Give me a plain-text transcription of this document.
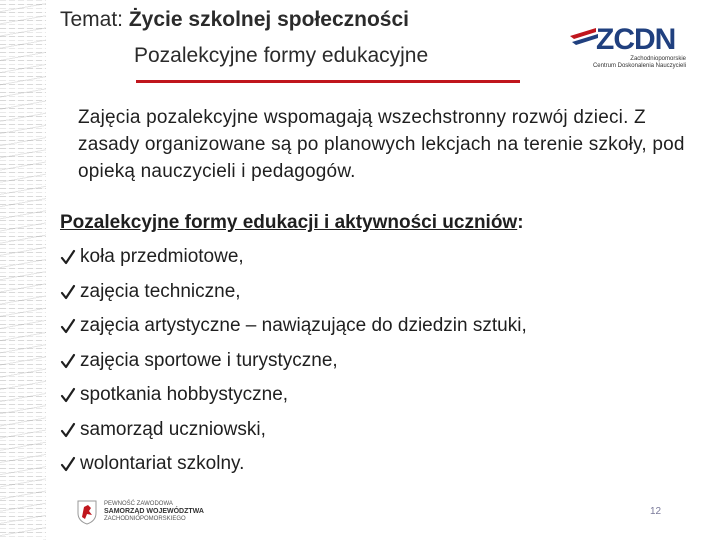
Temat: Życie szkolnej społeczności
Pozalekcyjne formy edukacyjne	ZCDN
Zachodniopomorskie
Centrum Doskonalenia Nauczycieli
Zajęcia pozalekcyjne wspomagają wszechstronny rozwój dzieci. Z zasady organizowane są po planowych lekcjach na terenie szkoły, pod opieką nauczycieli i pedagogów.
Pozalekcyjne formy edukacji i aktywności uczniów:
koła przedmiotowe,
zajęcia techniczne,
zajęcia artystyczne – nawiązujące do dziedzin sztuki,
zajęcia sportowe i turystyczne,
spotkania hobbystyczne,
samorząd uczniowski,
wolontariat szkolny.
PEWNOŚĆ ZAWODOWA
SAMORZĄD WOJEWÓDZTWA
ZACHODNIOPOMORSKIEGO
12
